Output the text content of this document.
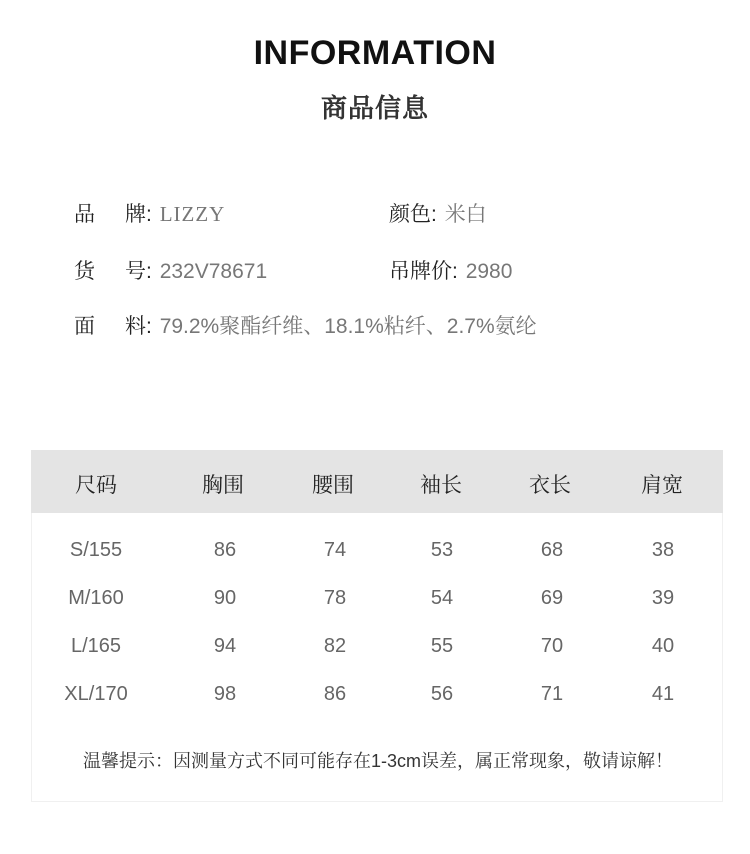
INFORMATION
商品信息
品牌: LIZZY	颜色: 米白
货号: 232V78671	吊牌价: 2980
面料: 79.2%聚酯纤维、18.1%粘纤、2.7%氨纶
尺码	胸围	腰围	袖长	衣长	肩宽
S/155	86	74	53	68	38
M/160	90	78	54	69	39
L/165	94	82	55	70	40
XL/170	98	86	56	71	41
温馨提示：因测量方式不同可能存在1-3cm误差，属正常现象，敬请谅解！
